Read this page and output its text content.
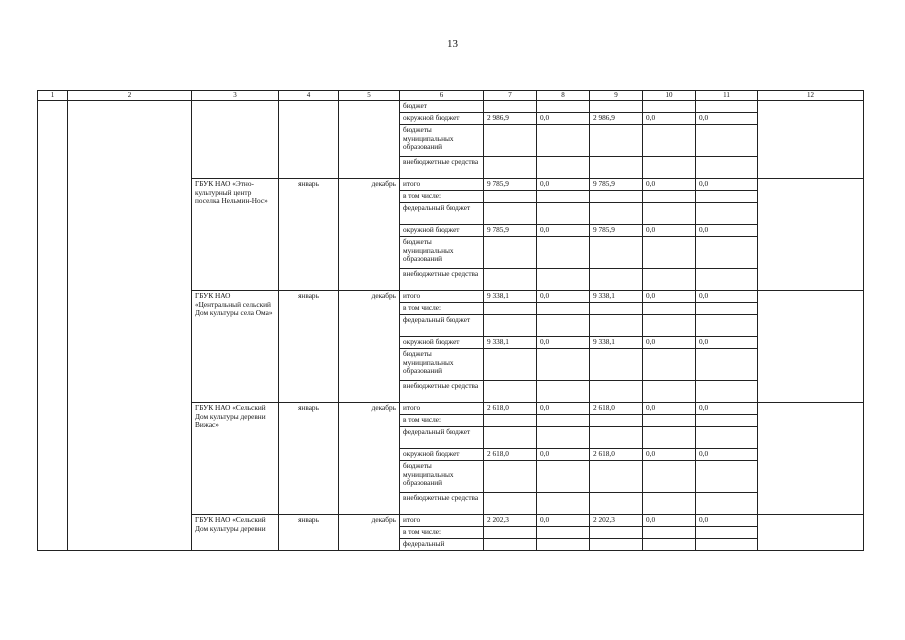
13
1	2	3	4	5	6	7	8	9	10	11	12
					бюджет						
					окружной бюджет	2 986,9	0,0	2 986,9	0,0	0,0	
					бюджеты муниципальных образований						
					внебюджетные средства						
		ГБУК НАО «Этно-культурный центр поселка Нельмин-Нос»	январь	декабрь	итого	9 785,9	0,0	9 785,9	0,0	0,0	
					в том числе:						
					федеральный бюджет						
					окружной бюджет	9 785,9	0,0	9 785,9	0,0	0,0	
					бюджеты муниципальных образований						
					внебюджетные средства						
		ГБУК НАО «Центральный сельский Дом культуры села Ома»	январь	декабрь	итого	9 338,1	0,0	9 338,1	0,0	0,0	
					в том числе:						
					федеральный бюджет						
					окружной бюджет	9 338,1	0,0	9 338,1	0,0	0,0	
					бюджеты муниципальных образований						
					внебюджетные средства						
		ГБУК НАО «Сельский Дом культуры деревни Вижас»	январь	декабрь	итого	2 618,0	0,0	2 618,0	0,0	0,0	
					в том числе:						
					федеральный бюджет						
					окружной бюджет	2 618,0	0,0	2 618,0	0,0	0,0	
					бюджеты муниципальных образований						
					внебюджетные средства						
		ГБУК НАО «Сельский Дом культуры деревни	январь	декабрь	итого	2 202,3	0,0	2 202,3	0,0	0,0	
					в том числе:						
					федеральный						
